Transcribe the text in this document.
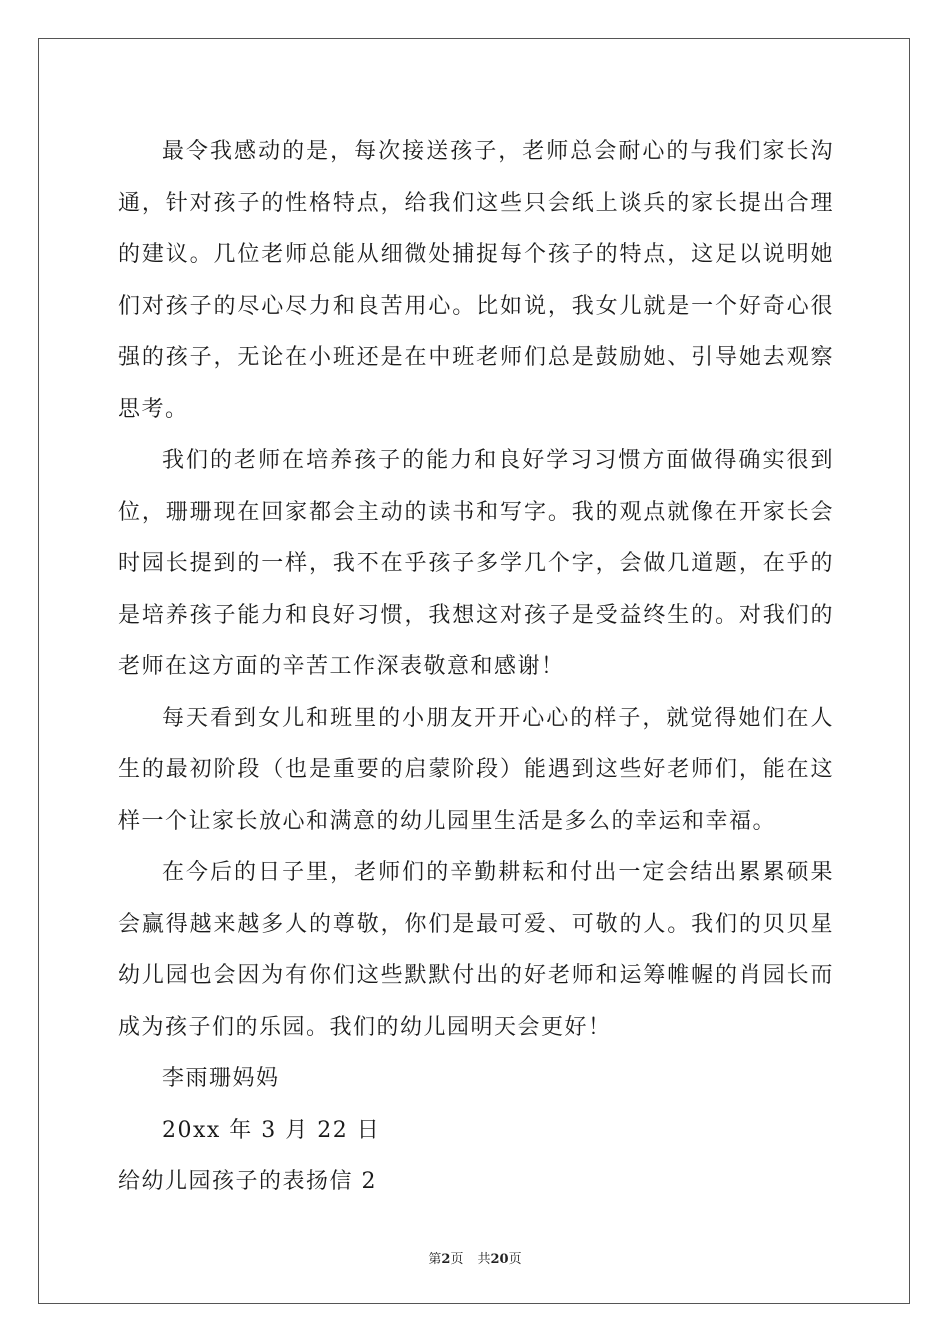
最令我感动的是，每次接送孩子，老师总会耐心的与我们家长沟通，针对孩子的性格特点，给我们这些只会纸上谈兵的家长提出合理的建议。几位老师总能从细微处捕捉每个孩子的特点，这足以说明她们对孩子的尽心尽力和良苦用心。比如说，我女儿就是一个好奇心很强的孩子，无论在小班还是在中班老师们总是鼓励她、引导她去观察思考。

我们的老师在培养孩子的能力和良好学习习惯方面做得确实很到位，珊珊现在回家都会主动的读书和写字。我的观点就像在开家长会时园长提到的一样，我不在乎孩子多学几个字，会做几道题，在乎的是培养孩子能力和良好习惯，我想这对孩子是受益终生的。对我们的老师在这方面的辛苦工作深表敬意和感谢！

每天看到女儿和班里的小朋友开开心心的样子，就觉得她们在人生的最初阶段（也是重要的启蒙阶段）能遇到这些好老师们，能在这样一个让家长放心和满意的幼儿园里生活是多么的幸运和幸福。

在今后的日子里，老师们的辛勤耕耘和付出一定会结出累累硕果会赢得越来越多人的尊敬，你们是最可爱、可敬的人。我们的贝贝星幼儿园也会因为有你们这些默默付出的好老师和运筹帷幄的肖园长而成为孩子们的乐园。我们的幼儿园明天会更好！

李雨珊妈妈

20xx 年 3 月 22 日

给幼儿园孩子的表扬信 2

第2页 共20页
